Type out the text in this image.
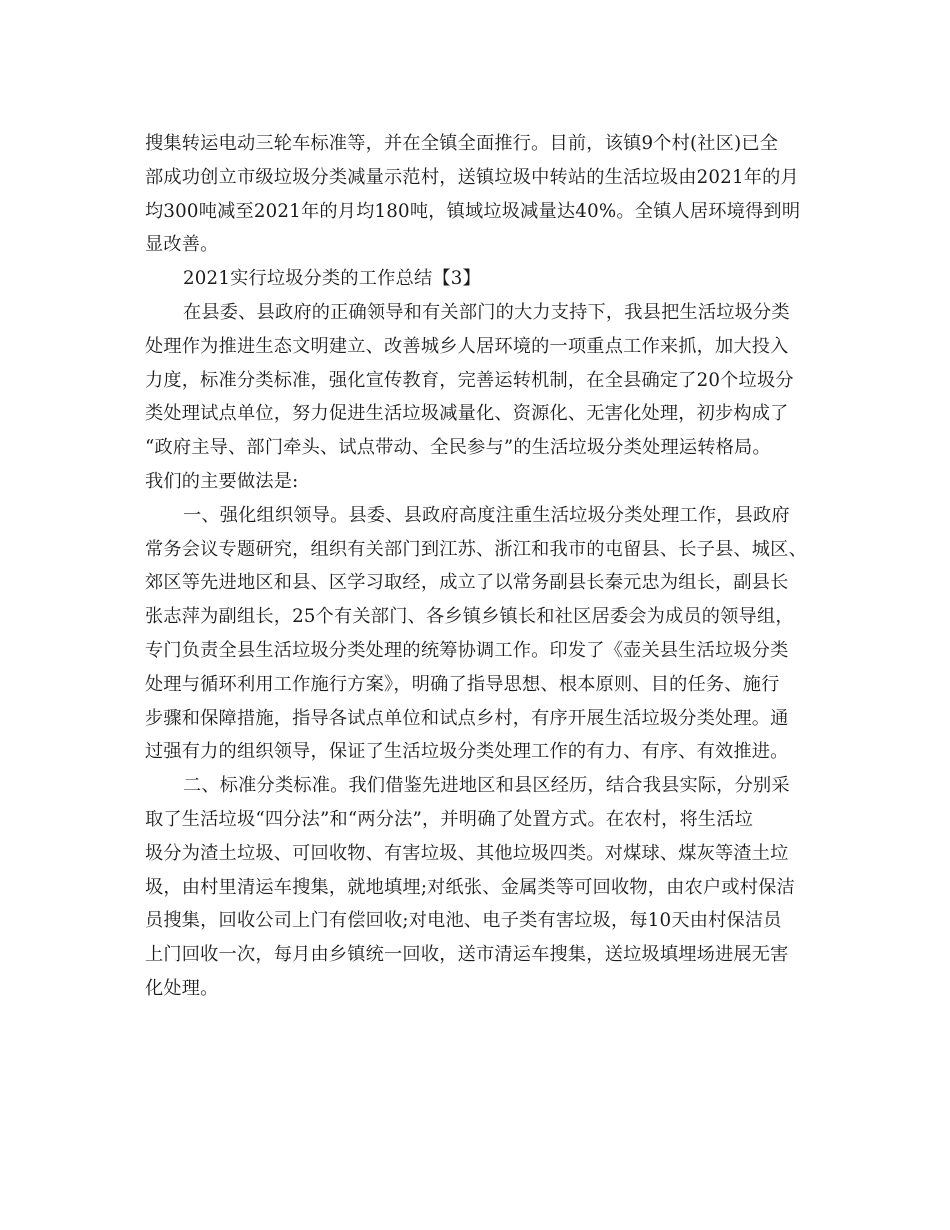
搜集转运电动三轮车标准等，并在全镇全面推行。目前，该镇9个村(社区)已全
部成功创立市级垃圾分类减量示范村，送镇垃圾中转站的生活垃圾由2021年的月
均300吨减至2021年的月均180吨，镇域垃圾减量达40%。全镇人居环境得到明
显改善。
2021实行垃圾分类的工作总结【3】
在县委、县政府的正确领导和有关部门的大力支持下，我县把生活垃圾分类
处理作为推进生态文明建立、改善城乡人居环境的一项重点工作来抓，加大投入
力度，标准分类标准，强化宣传教育，完善运转机制，在全县确定了20个垃圾分
类处理试点单位，努力促进生活垃圾减量化、资源化、无害化处理，初步构成了
“政府主导、部门牵头、试点带动、全民参与”的生活垃圾分类处理运转格局。
我们的主要做法是:
一、强化组织领导。县委、县政府高度注重生活垃圾分类处理工作，县政府
常务会议专题研究，组织有关部门到江苏、浙江和我市的屯留县、长子县、城区、
郊区等先进地区和县、区学习取经，成立了以常务副县长秦元忠为组长，副县长
张志萍为副组长，25个有关部门、各乡镇乡镇长和社区居委会为成员的领导组，
专门负责全县生活垃圾分类处理的统筹协调工作。印发了《壶关县生活垃圾分类
处理与循环利用工作施行方案》，明确了指导思想、根本原则、目的任务、施行
步骤和保障措施，指导各试点单位和试点乡村，有序开展生活垃圾分类处理。通
过强有力的组织领导，保证了生活垃圾分类处理工作的有力、有序、有效推进。
二、标准分类标准。我们借鉴先进地区和县区经历，结合我县实际，分别采
取了生活垃圾“四分法”和“两分法”，并明确了处置方式。在农村，将生活垃
圾分为渣土垃圾、可回收物、有害垃圾、其他垃圾四类。对煤球、煤灰等渣土垃
圾，由村里清运车搜集，就地填埋;对纸张、金属类等可回收物，由农户或村保洁
员搜集，回收公司上门有偿回收;对电池、电子类有害垃圾，每10天由村保洁员
上门回收一次，每月由乡镇统一回收，送市清运车搜集，送垃圾填埋场进展无害
化处理。
